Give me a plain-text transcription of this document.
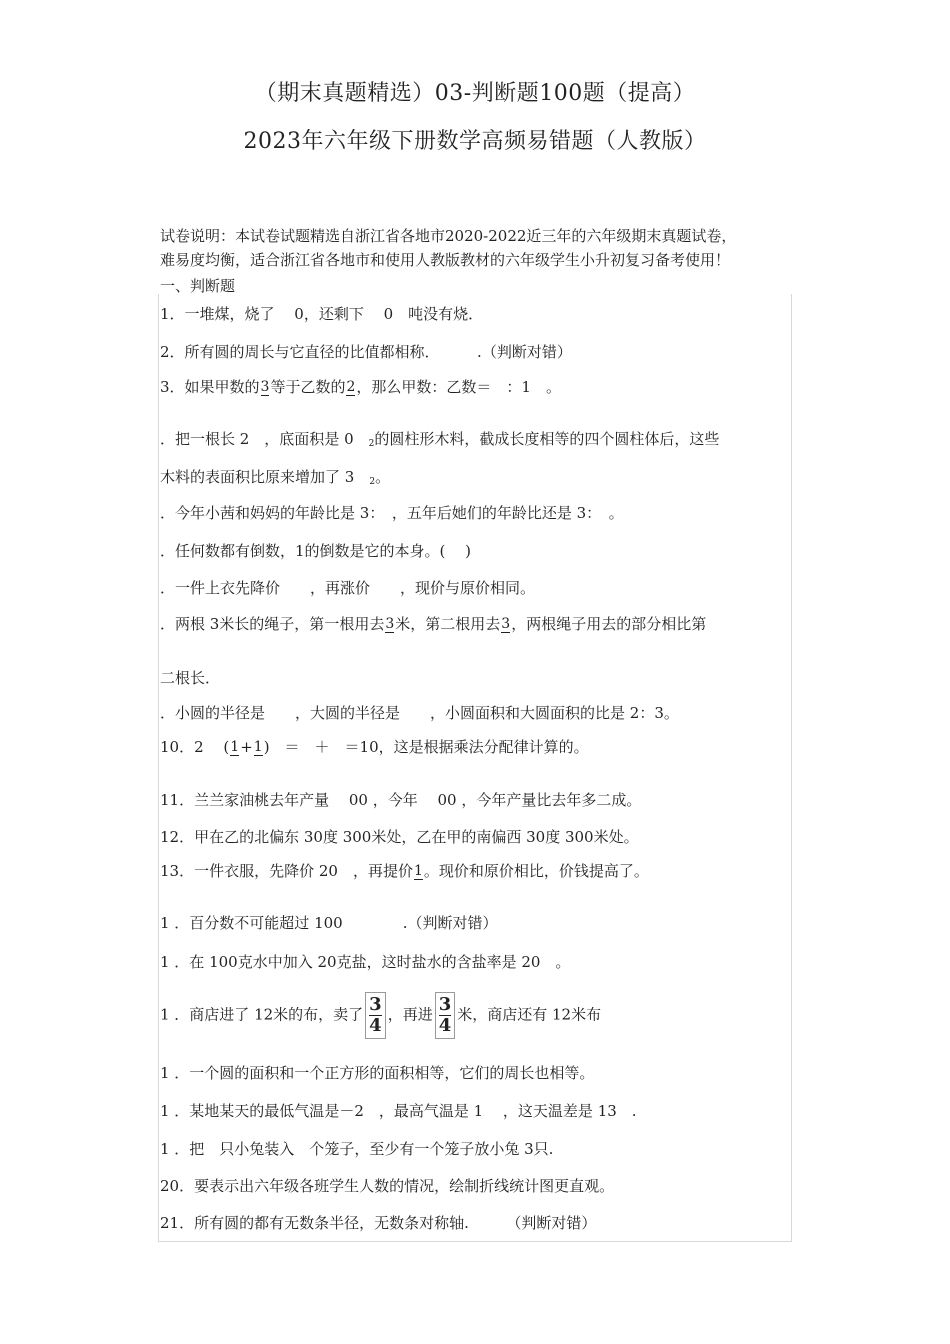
（期末真题精选）03-判断题100题（提高）
2023年六年级下册数学高频易错题（人教版）
试卷说明：本试卷试题精选自浙江省各地市2020-2022近三年的六年级期末真题试卷，
难易度均衡，适合浙江省各地市和使用人教版教材的六年级学生小升初复习备考使用！
一、判断题
1．一堆煤，烧了　 0，还剩下　 0　吨没有烧．
2．所有圆的周长与它直径的比值都相称．　　　.（判断对错）
3．如果甲数的 3 等于乙数的 2 ，那么甲数：乙数＝　：1　。
．把一根长 2　，底面积是 0　$_2$的圆柱形木料，截成长度相等的四个圆柱体后，这些
木料的表面积比原来增加了 3　$_2$。
．今年小茜和妈妈的年龄比是 3：　，五年后她们的年龄比还是 3：　。
．任何数都有倒数，1的倒数是它的本身。(　 )
．一件上衣先降价　　，再涨价　　，现价与原价相同。
．两根 3米长的绳子，第一根用去 3 米，第二根用去 3 ，两根绳子用去的部分相比第
二根长．
．小圆的半径是　　，大圆的半径是　　，小圆面积和大圆面积的比是 2：3。
10．2　 ( 1 + 1 )　＝　＋　＝10，这是根据乘法分配律计算的。
11．兰兰家油桃去年产量　 00 ，今年　 00 ，今年产量比去年多二成。
12．甲在乙的北偏东 30度 300米处，乙在甲的南偏西 30度 300米处。
13．一件衣服，先降价 20　，再提价 1 。现价和原价相比，价钱提高了。
1 ．百分数不可能超过 100　　　　.（判断对错）
1 ．在 100克水中加入 20克盐，这时盐水的含盐率是 20　。
1 ．商店进了 12米的布，卖了 $\frac{3}{4}$ ，再进 $\frac{3}{4}$ 米，商店还有 12米布
1 ．一个圆的面积和一个正方形的面积相等，它们的周长也相等。
1 ．某地某天的最低气温是－2　，最高气温是 1　 ，这天温差是 13　.
1 ．把　只小兔装入　个笼子，至少有一个笼子放小兔 3只.
20．要表示出六年级各班学生人数的情况，绘制折线统计图更直观。
21．所有圆的都有无数条半径，无数条对称轴.　　　（判断对错）
